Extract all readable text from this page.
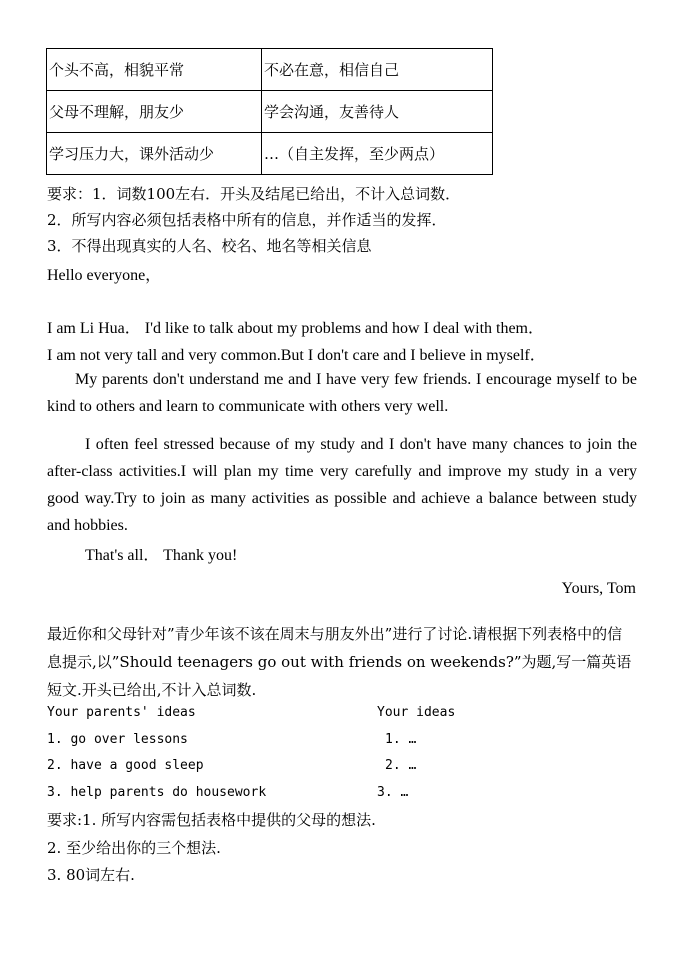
个头不高，相貌平常	不必在意，相信自己
父母不理解，朋友少	学会沟通，友善待人
学习压力大，课外活动少	…（自主发挥，至少两点）
要求：1．词数100左右．开头及结尾已给出，不计入总词数．
2．所写内容必须包括表格中所有的信息，并作适当的发挥．
3．不得出现真实的人名、校名、地名等相关信息
Hello everyone，
I am Li Hua． I'd like to talk about my problems and how I deal with them．
I am not very tall and very common.But I don't care and I believe in myself．
My parents don't understand me and I have very few friends. I encourage myself to be kind to others and learn to communicate with others very well.
I often feel stressed because of my study and I don't have many chances to join the after-class activities.I will plan my time very carefully and improve my study in a very good way.Try to join as many activities as possible and achieve a balance between study and hobbies.
That's all． Thank you!
Yours, Tom
最近你和父母针对”青少年该不该在周末与朋友外出”进行了讨论.请根据下列表格中的信息提示,以”Should teenagers go out with friends on weekends?”为题,写一篇英语短文.开头已给出,不计入总词数.
Your parents' ideas	Your ideas
1. go over lessons	1. …
2. have a good sleep	2. …
3. help parents do housework	3. …
要求:1. 所写内容需包括表格中提供的父母的想法.
2. 至少给出你的三个想法.
3. 80词左右.
